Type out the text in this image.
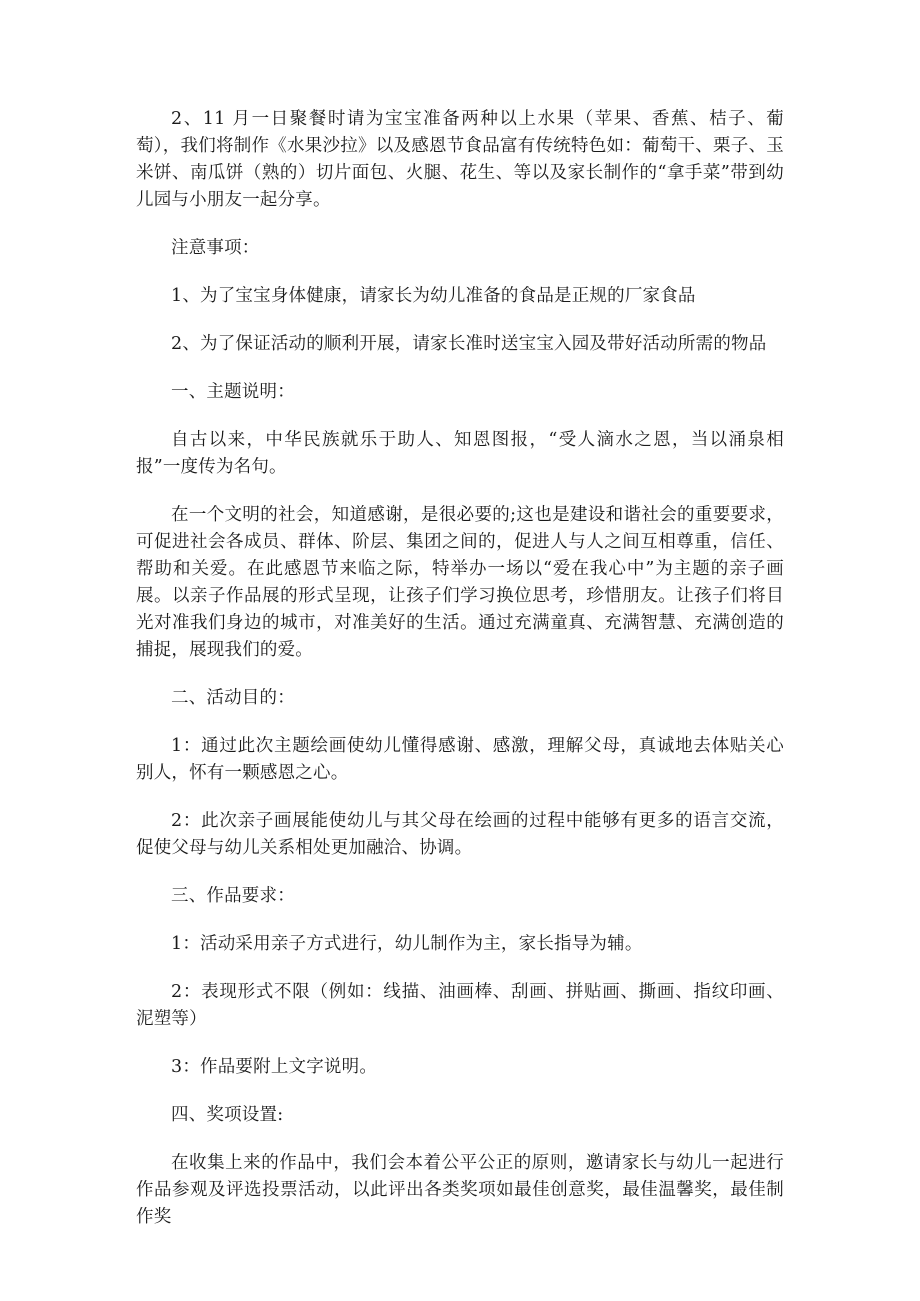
2、11 月一日聚餐时请为宝宝准备两种以上水果（苹果、香蕉、桔子、葡萄），我们将制作《水果沙拉》以及感恩节食品富有传统特色如：葡萄干、栗子、玉米饼、南瓜饼（熟的）切片面包、火腿、花生、等以及家长制作的“拿手菜”带到幼儿园与小朋友一起分享。

注意事项：

1、为了宝宝身体健康，请家长为幼儿准备的食品是正规的厂家食品

2、为了保证活动的顺利开展，请家长准时送宝宝入园及带好活动所需的物品

一、主题说明：

自古以来，中华民族就乐于助人、知恩图报，“受人滴水之恩，当以涌泉相报”一度传为名句。

在一个文明的社会，知道感谢，是很必要的;这也是建设和谐社会的重要要求，可促进社会各成员、群体、阶层、集团之间的，促进人与人之间互相尊重，信任、帮助和关爱。在此感恩节来临之际，特举办一场以“爱在我心中”为主题的亲子画展。以亲子作品展的形式呈现，让孩子们学习换位思考，珍惜朋友。让孩子们将目光对准我们身边的城市，对准美好的生活。通过充满童真、充满智慧、充满创造的捕捉，展现我们的爱。

二、活动目的：

1：通过此次主题绘画使幼儿懂得感谢、感激，理解父母，真诚地去体贴关心别人，怀有一颗感恩之心。

2：此次亲子画展能使幼儿与其父母在绘画的过程中能够有更多的语言交流，促使父母与幼儿关系相处更加融洽、协调。

三、作品要求：

1：活动采用亲子方式进行，幼儿制作为主，家长指导为辅。

2：表现形式不限（例如：线描、油画棒、刮画、拼贴画、撕画、指纹印画、泥塑等）

3：作品要附上文字说明。

四、奖项设置:

在收集上来的作品中，我们会本着公平公正的原则，邀请家长与幼儿一起进行作品参观及评选投票活动，以此评出各类奖项如最佳创意奖，最佳温馨奖，最佳制作奖
